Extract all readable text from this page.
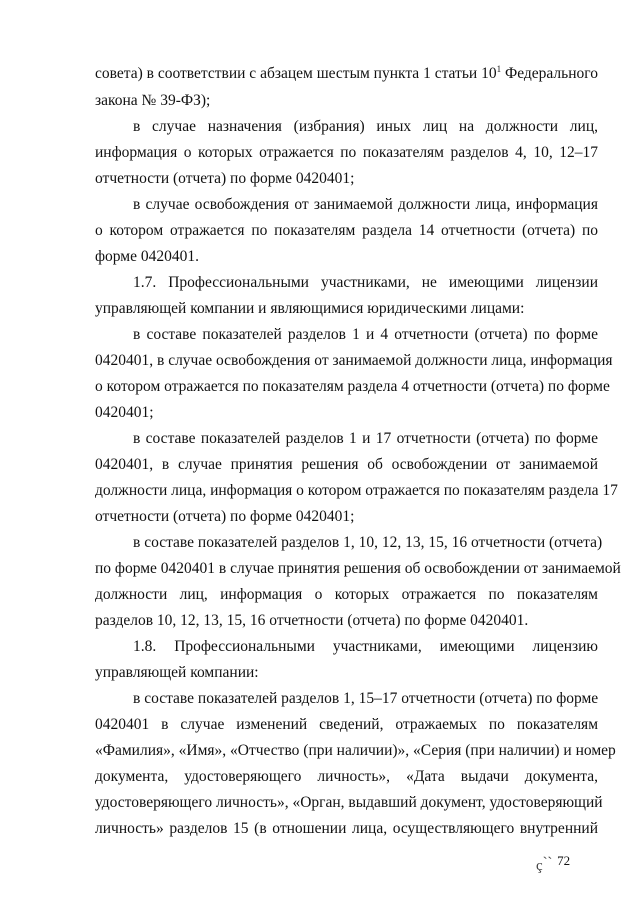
совета) в соответствии с абзацем шестым пункта 1 статьи $10^1$ Федерального
закона № 39-ФЗ);
в случае назначения (избрания) иных лиц на должности лиц,
информация о которых отражается по показателям разделов 4, 10, 12–17
отчетности (отчета) по форме 0420401;
в случае освобождения от занимаемой должности лица, информация
о котором отражается по показателям раздела 14 отчетности (отчета) по
форме 0420401.
1.7. Профессиональными участниками, не имеющими лицензии
управляющей компании и являющимися юридическими лицами:
в составе показателей разделов 1 и 4 отчетности (отчета) по форме
0420401, в случае освобождения от занимаемой должности лица, информация
о котором отражается по показателям раздела 4 отчетности (отчета) по форме
0420401;
в составе показателей разделов 1 и 17 отчетности (отчета) по форме
0420401, в случае принятия решения об освобождении от занимаемой
должности лица, информация о котором отражается по показателям раздела 17
отчетности (отчета) по форме 0420401;
в составе показателей разделов 1, 10, 12, 13, 15, 16 отчетности (отчета)
по форме 0420401 в случае принятия решения об освобождении от занимаемой
должности лиц, информация о которых отражается по показателям
разделов 10, 12, 13, 15, 16 отчетности (отчета) по форме 0420401.
1.8. Профессиональными участниками, имеющими лицензию
управляющей компании:
в составе показателей разделов 1, 15–17 отчетности (отчета) по форме
0420401 в случае изменений сведений, отражаемых по показателям
«Фамилия», «Имя», «Отчество (при наличии)», «Серия (при наличии) и номер
документа, удостоверяющего личность», «Дата выдачи документа,
удостоверяющего личность», «Орган, выдавший документ, удостоверяющий
личность» разделов 15 (в отношении лица, осуществляющего внутренний
ç ̀ ̀ $^{72}$
